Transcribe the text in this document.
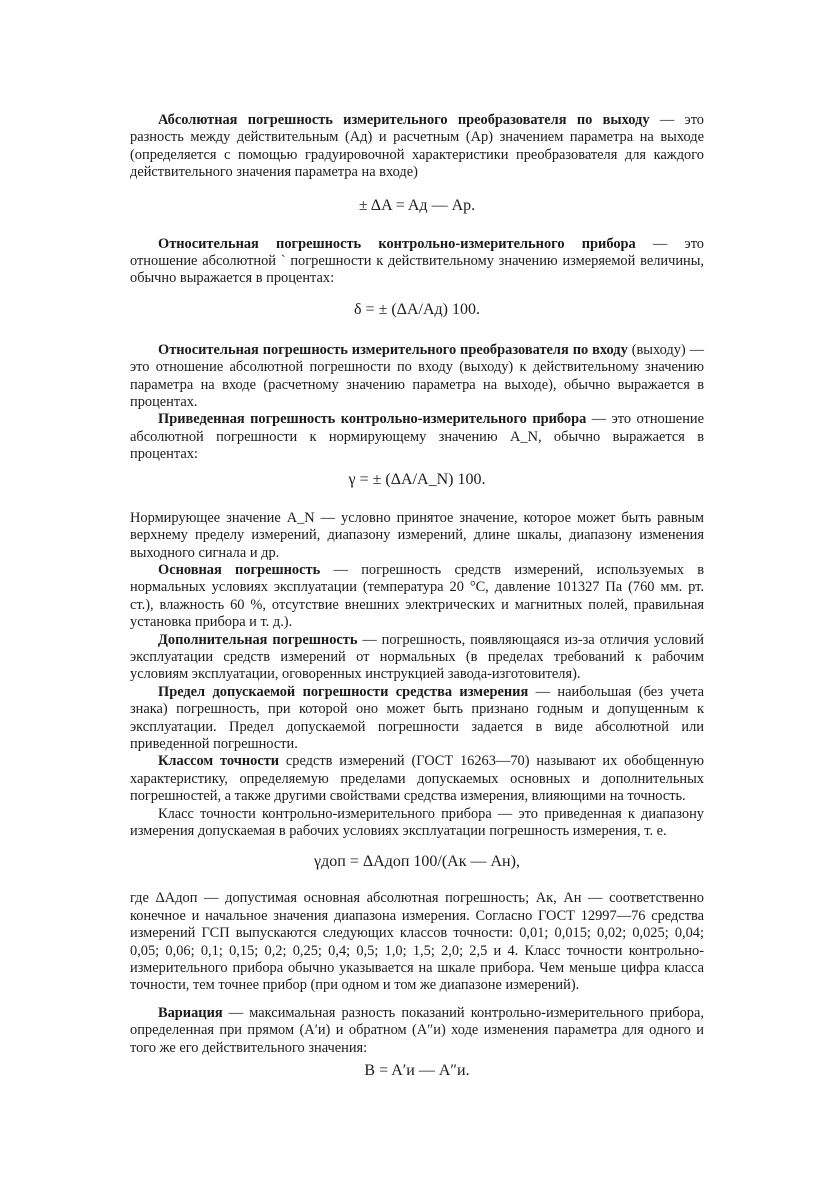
Абсолютная погрешность измерительного преобразователя по выходу — это разность между действительным (Aд) и расчетным (Aр) значением параметра на выходе (определяется с помощью градуировочной характеристики преобразователя для каждого действительного значения параметра на входе)

± ΔA = Aд — Aр.

Относительная погрешность контрольно-измерительного прибора — это отношение абсолютной ` погрешности к действительному значению измеряемой величины, обычно выражается в процентах:

δ = ± (ΔA/Aд) 100.

Относительная погрешность измерительного преобразователя по входу (выходу) — это отношение абсолютной погрешности по входу (выходу) к действительному значению параметра на входе (расчетному значению параметра на выходе), обычно выражается в процентах.

Приведенная погрешность контрольно-измерительного прибора — это отношение абсолютной погрешности к нормирующему значению A_N, обычно выражается в процентах:

γ = ± (ΔA/A_N) 100.

Нормирующее значение A_N — условно принятое значение, которое может быть равным верхнему пределу измерений, диапазону измерений, длине шкалы, диапазону изменения выходного сигнала и др.

Основная погрешность — погрешность средств измерений, используемых в нормальных условиях эксплуатации (температура 20 °С, давление 101327 Па (760 мм. рт. ст.), влажность 60 %, отсутствие внешних электрических и магнитных полей, правильная установка прибора и т. д.).

Дополнительная погрешность — погрешность, появляющаяся из-за отличия условий эксплуатации средств измерений от нормальных (в пределах требований к рабочим условиям эксплуатации, оговоренных инструкцией завода-изготовителя).

Предел допускаемой погрешности средства измерения — наибольшая (без учета знака) погрешность, при которой оно может быть признано годным и допущенным к эксплуатации. Предел допускаемой погрешности задается в виде абсолютной или приведенной погрешности.

Классом точности средств измерений (ГОСТ 16263—70) называют их обобщенную характеристику, определяемую пределами допускаемых основных и дополнительных погрешностей, а также другими свойствами средства измерения, влияющими на точность.

Класс точности контрольно-измерительного прибора — это приведенная к диапазону измерения допускаемая в рабочих условиях эксплуатации погрешность измерения, т. е.

γдоп = ΔAдоп 100/(Aк — Aн),

где ΔAдоп — допустимая основная абсолютная погрешность; Aк, Aн — соответственно конечное и начальное значения диапазона измерения. Согласно ГОСТ 12997—76 средства измерений ГСП выпускаются следующих классов точности: 0,01; 0,015; 0,02; 0,025; 0,04; 0,05; 0,06; 0,1; 0,15; 0,2; 0,25; 0,4; 0,5; 1,0; 1,5; 2,0; 2,5 и 4. Класс точности контрольно-измерительного прибора обычно указывается на шкале прибора. Чем меньше цифра класса точности, тем точнее прибор (при одном и том же диапазоне измерений).

Вариация — максимальная разность показаний контрольно-измерительного прибора, определенная при прямом (A′и) и обратном (A″и) ходе изменения параметра для одного и того же его действительного значения:

B = A′и — A″и.
